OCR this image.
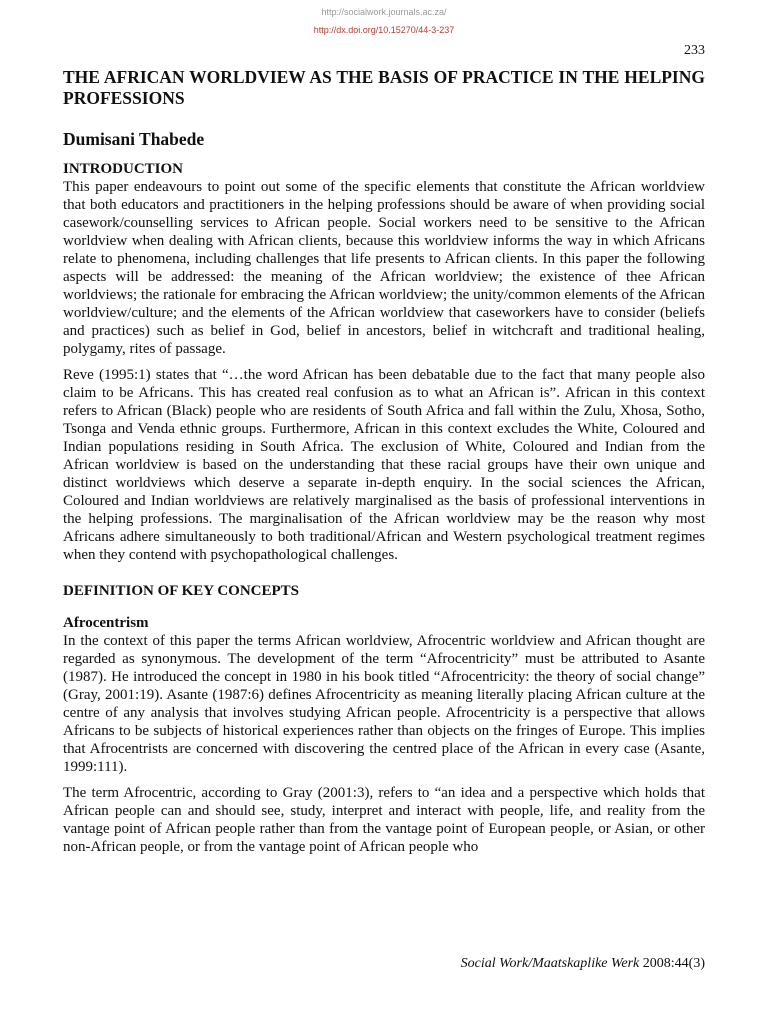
http://socialwork.journals.ac.za/
http://dx.doi.org/10.15270/44-3-237
233
THE AFRICAN WORLDVIEW AS THE BASIS OF PRACTICE IN THE HELPING PROFESSIONS
Dumisani Thabede
INTRODUCTION

This paper endeavours to point out some of the specific elements that constitute the African worldview that both educators and practitioners in the helping professions should be aware of when providing social casework/counselling services to African people. Social workers need to be sensitive to the African worldview when dealing with African clients, because this worldview informs the way in which Africans relate to phenomena, including challenges that life presents to African clients. In this paper the following aspects will be addressed: the meaning of the African worldview; the existence of thee African worldviews; the rationale for embracing the African worldview; the unity/common elements of the African worldview/culture; and the elements of the African worldview that caseworkers have to consider (beliefs and practices) such as belief in God, belief in ancestors, belief in witchcraft and traditional healing, polygamy, rites of passage.

Reve (1995:1) states that “…the word African has been debatable due to the fact that many people also claim to be Africans. This has created real confusion as to what an African is”. African in this context refers to African (Black) people who are residents of South Africa and fall within the Zulu, Xhosa, Sotho, Tsonga and Venda ethnic groups. Furthermore, African in this context excludes the White, Coloured and Indian populations residing in South Africa. The exclusion of White, Coloured and Indian from the African worldview is based on the understanding that these racial groups have their own unique and distinct worldviews which deserve a separate in-depth enquiry. In the social sciences the African, Coloured and Indian worldviews are relatively marginalised as the basis of professional interventions in the helping professions. The marginalisation of the African worldview may be the reason why most Africans adhere simultaneously to both traditional/African and Western psychological treatment regimes when they contend with psychopathological challenges.

DEFINITION OF KEY CONCEPTS
Afrocentrism

In the context of this paper the terms African worldview, Afrocentric worldview and African thought are regarded as synonymous. The development of the term “Afrocentricity” must be attributed to Asante (1987). He introduced the concept in 1980 in his book titled “Afrocentricity: the theory of social change” (Gray, 2001:19). Asante (1987:6) defines Afrocentricity as meaning literally placing African culture at the centre of any analysis that involves studying African people. Afrocentricity is a perspective that allows Africans to be subjects of historical experiences rather than objects on the fringes of Europe. This implies that Afrocentrists are concerned with discovering the centred place of the African in every case (Asante, 1999:111).

The term Afrocentric, according to Gray (2001:3), refers to “an idea and a perspective which holds that African people can and should see, study, interpret and interact with people, life, and reality from the vantage point of African people rather than from the vantage point of European people, or Asian, or other non-African people, or from the vantage point of African people who

Social Work/Maatskaplike Werk 2008:44(3)
